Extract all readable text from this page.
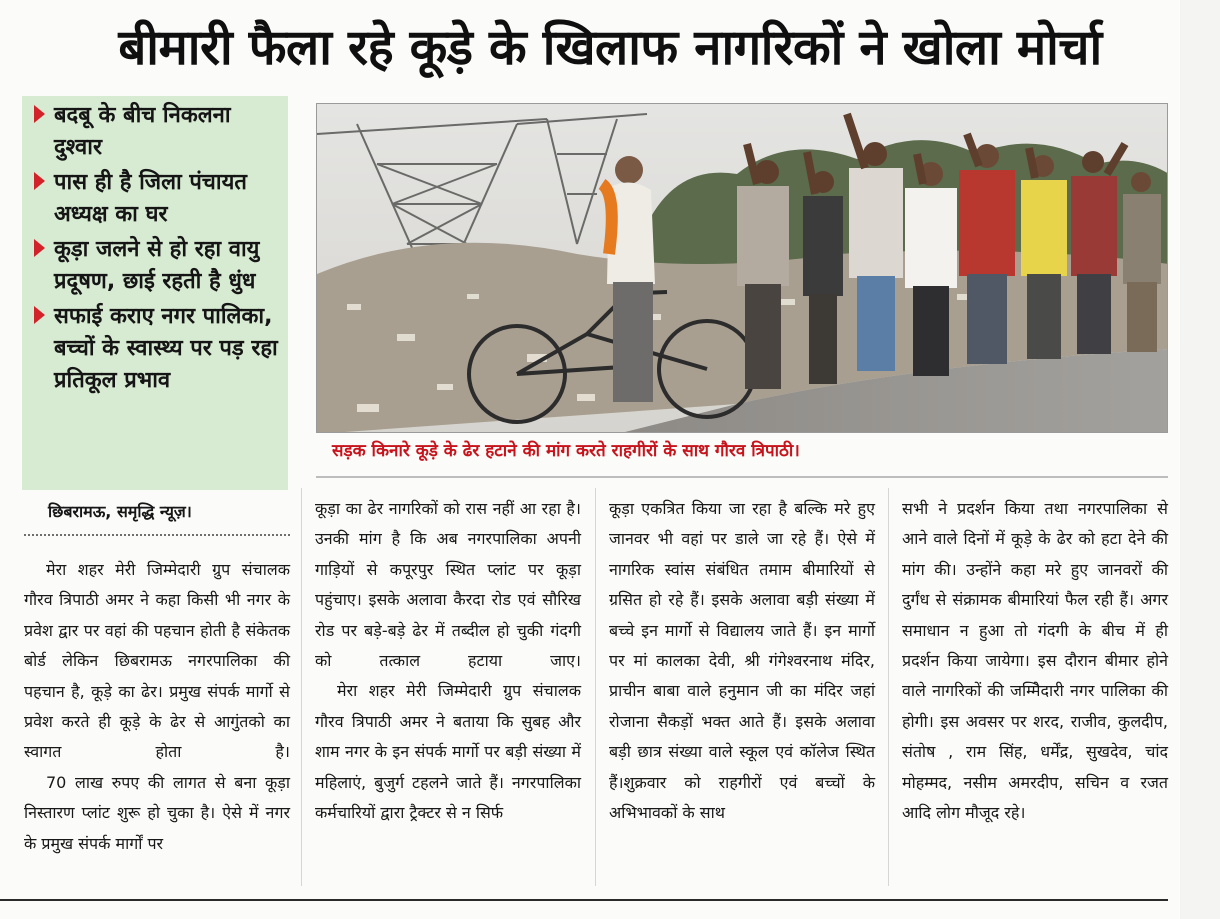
बीमारी फैला रहे कूड़े के खिलाफ नागरिकों ने खोला मोर्चा
बदबू के बीच निकलना दुश्वार
पास ही है जिला पंचायत अध्यक्ष का घर
कूड़ा जलने से हो रहा वायु प्रदूषण, छाई रहती है धुंध
सफाई कराए नगर पालिका, बच्चों के स्वास्थ्य पर पड़ रहा प्रतिकूल प्रभाव
सड़क किनारे कूड़े के ढेर हटाने की मांग करते राहगीरों के साथ गौरव त्रिपाठी।
छिबरामऊ, समृद्धि न्यूज़।

मेरा शहर मेरी जिम्मेदारी ग्रुप संचालक गौरव त्रिपाठी अमर ने कहा किसी भी नगर के प्रवेश द्वार पर वहां की पहचान होती है संकेतक बोर्ड लेकिन छिबरामऊ नगरपालिका की पहचान है, कूड़े का ढेर। प्रमुख संपर्क मार्गो से प्रवेश करते ही कूड़े के ढेर से आगुंतको का स्वागत होता है।

70 लाख रुपए की लागत से बना कूड़ा निस्तारण प्लांट शुरू हो चुका है। ऐसे में नगर के प्रमुख संपर्क मार्गों पर

कूड़ा का ढेर नागरिकों को रास नहीं आ रहा है। उनकी मांग है कि अब नगरपालिका अपनी गाड़ियों से कपूरपुर स्थित प्लांट पर कूड़ा पहुंचाए। इसके अलावा कैरदा रोड एवं सौरिख रोड पर बड़े-बड़े ढेर में तब्दील हो चुकी गंदगी को तत्काल हटाया जाए।

मेरा शहर मेरी जिम्मेदारी ग्रुप संचालक गौरव त्रिपाठी अमर ने बताया कि सुबह और शाम नगर के इन संपर्क मार्गो पर बड़ी संख्या में महिलाएं, बुजुर्ग टहलने जाते हैं। नगरपालिका कर्मचारियों द्वारा ट्रैक्टर से न सिर्फ

कूड़ा एकत्रित किया जा रहा है बल्कि मरे हुए जानवर भी वहां पर डाले जा रहे हैं। ऐसे में नागरिक स्वांस संबंधित तमाम बीमारियों से ग्रसित हो रहे हैं। इसके अलावा बड़ी संख्या में बच्चे इन मार्गो से विद्यालय जाते हैं। इन मार्गो पर मां कालका देवी, श्री गंगेश्वरनाथ मंदिर, प्राचीन बाबा वाले हनुमान जी का मंदिर जहां रोजाना सैकड़ों भक्त आते हैं। इसके अलावा बड़ी छात्र संख्या वाले स्कूल एवं कॉलेज स्थित हैं।शुक्रवार को राहगीरों एवं बच्चों के अभिभावकों के साथ

सभी ने प्रदर्शन किया तथा नगरपालिका से आने वाले दिनों में कूड़े के ढेर को हटा देने की मांग की। उन्होंने कहा मरे हुए जानवरों की दुर्गंध से संक्रामक बीमारियां फैल रही हैं। अगर समाधान न हुआ तो गंदगी के बीच में ही प्रदर्शन किया जायेगा। इस दौरान बीमार होने वाले नागरिकों की जम्मिेदारी नगर पालिका की होगी। इस अवसर पर शरद, राजीव, कुलदीप, संतोष , राम सिंह, धर्मेंद्र, सुखदेव, चांद मोहम्मद, नसीम अमरदीप, सचिन व रजत आदि लोग मौजूद रहे।
